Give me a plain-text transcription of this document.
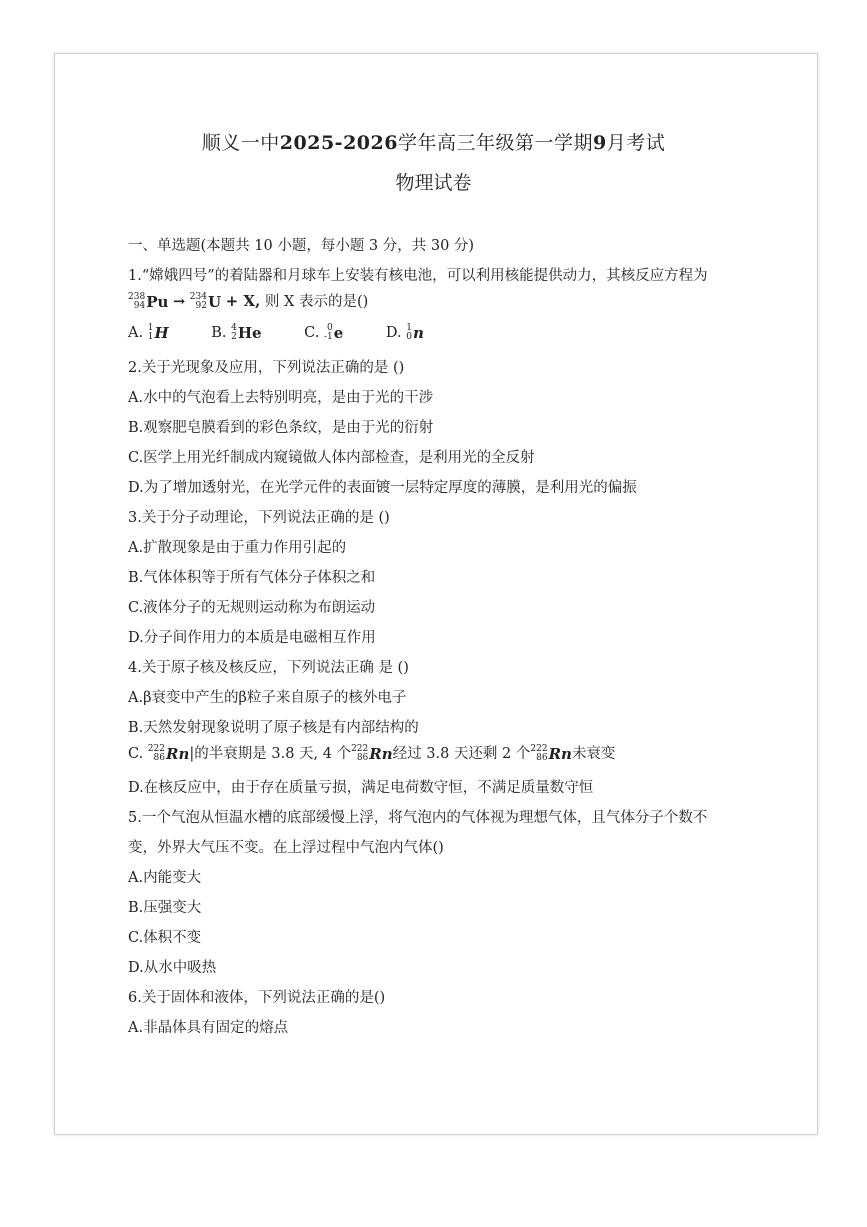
顺义一中2025-2026学年高三年级第一学期9月考试
物理试卷
一、单选题(本题共 10 小题，每小题 3 分，共 30 分)
1.“嫦娥四号”的着陆器和月球车上安装有核电池，可以利用核能提供动力，其核反应方程为
238
94 Pu → 234
92 U + X, 则 X 表示的是()
A. 1
1 H	B. 4
2 He	C. 0
-1 e	D. 1
0 n
2.关于光现象及应用，下列说法正确的是 ()
A.水中的气泡看上去特别明亮，是由于光的干涉
B.观察肥皂膜看到的彩色条纹，是由于光的衍射
C.医学上用光纤制成内窥镜做人体内部检查，是利用光的全反射
D.为了增加透射光，在光学元件的表面镀一层特定厚度的薄膜，是利用光的偏振
3.关于分子动理论，下列说法正确的是 ()
A.扩散现象是由于重力作用引起的
B.气体体积等于所有气体分子体积之和
C.液体分子的无规则运动称为布朗运动
D.分子间作用力的本质是电磁相互作用
4.关于原子核及核反应，下列说法正确 是 ()
A.β衰变中产生的β粒子来自原子的核外电子
B.天然发射现象说明了原子核是有内部结构的
C. 222
86 Rn|的半衰期是 3.8 天, 4 个 222
86 Rn经过 3.8 天还剩 2 个 222
86 Rn未衰变
D.在核反应中，由于存在质量亏损，满足电荷数守恒，不满足质量数守恒
5.一个气泡从恒温水槽的底部缓慢上浮，将气泡内的气体视为理想气体，且气体分子个数不
变，外界大气压不变。在上浮过程中气泡内气体()
A.内能变大
B.压强变大
C.体积不变
D.从水中吸热
6.关于固体和液体，下列说法正确的是()
A.非晶体具有固定的熔点
